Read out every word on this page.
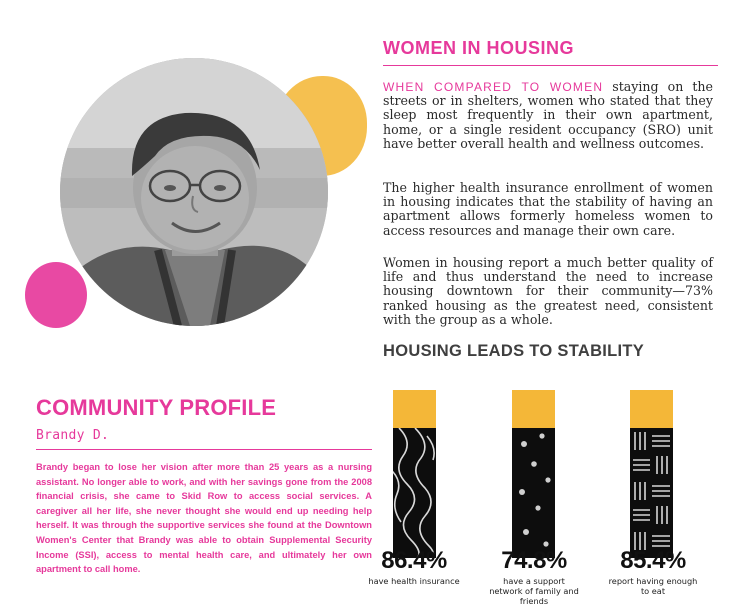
WOMEN IN HOUSING

WHEN COMPARED TO WOMEN staying on the streets or in shelters, women who stated that they sleep most frequently in their own apartment, home, or a single resident occupancy (SRO) unit have better overall health and wellness outcomes.

The higher health insurance enrollment of women in housing indicates that the stability of having an apartment allows formerly homeless women to access resources and manage their own care.

Women in housing report a much better quality of life and thus understand the need to increase housing downtown for their community—73% ranked housing as the greatest need, consistent with the group as a whole.

HOUSING LEADS TO STABILITY
86.4%
have health insurance
74.8%
have a support network of family and friends
85.4%
report having enough to eat
COMMUNITY PROFILE
Brandy D.

Brandy began to lose her vision after more than 25 years as a nursing assistant. No longer able to work, and with her savings gone from the 2008 financial crisis, she came to Skid Row to access social services. A caregiver all her life, she never thought she would end up needing help herself. It was through the supportive services she found at the Downtown Women's Center that Brandy was able to obtain Supplemental Security Income (SSI), access to mental health care, and ultimately her own apartment to call home.
